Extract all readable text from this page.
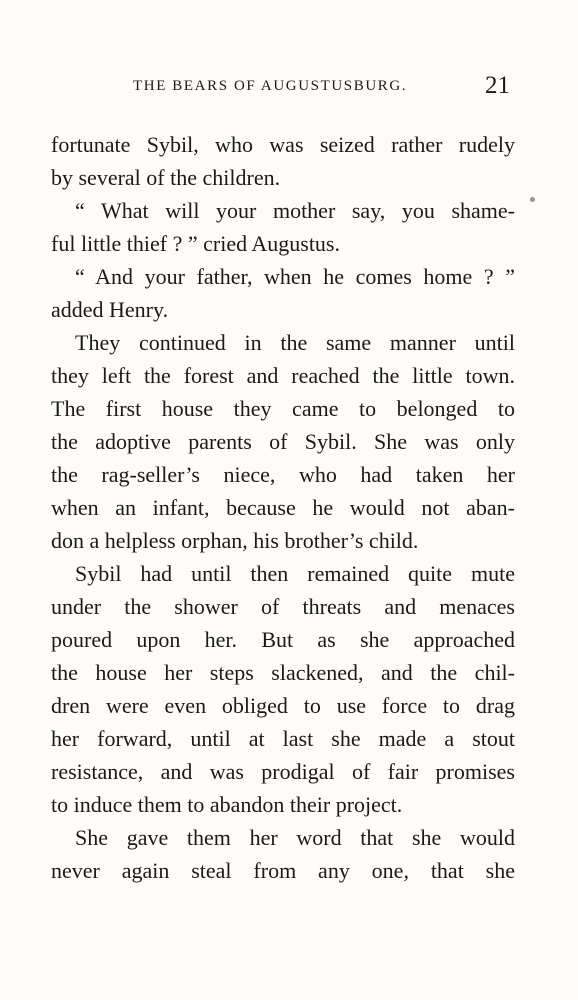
THE BEARS OF AUGUSTUSBURG.	21
fortunate Sybil, who was seized rather rudely
by several of the children.
“ What will your mother say, you shame-
ful little thief ? ” cried Augustus.
“ And your father, when he comes home ? ”
added Henry.
They continued in the same manner until
they left the forest and reached the little town.
The first house they came to belonged to
the adoptive parents of Sybil. She was only
the rag-seller’s niece, who had taken her
when an infant, because he would not aban-
don a helpless orphan, his brother’s child.
Sybil had until then remained quite mute
under the shower of threats and menaces
poured upon her. But as she approached
the house her steps slackened, and the chil-
dren were even obliged to use force to drag
her forward, until at last she made a stout
resistance, and was prodigal of fair promises
to induce them to abandon their project.
She gave them her word that she would
never again steal from any one, that she
